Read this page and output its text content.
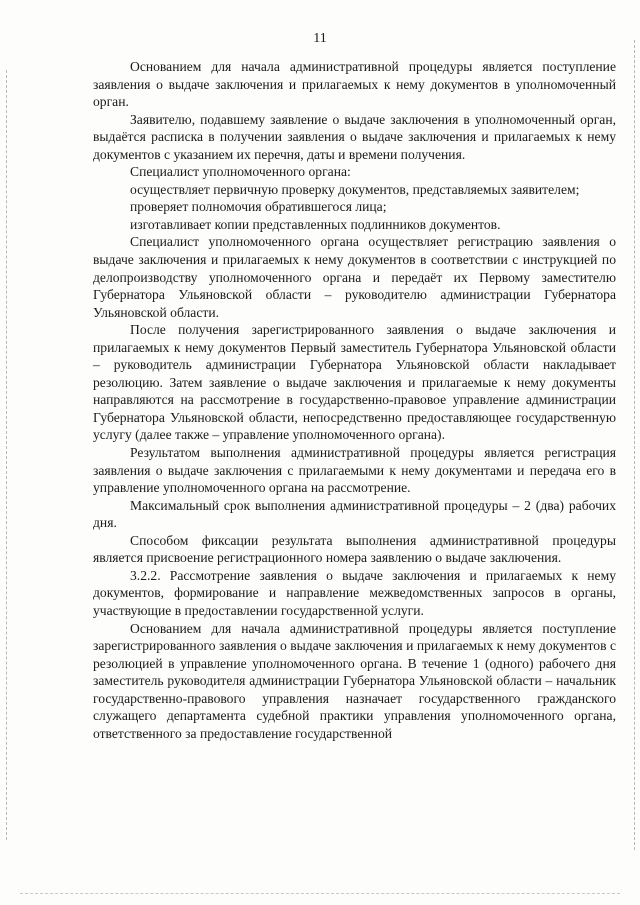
11

Основанием для начала административной процедуры является поступление заявления о выдаче заключения и прилагаемых к нему документов в уполномоченный орган.

Заявителю, подавшему заявление о выдаче заключения в уполномоченный орган, выдаётся расписка в получении заявления о выдаче заключения и прилагаемых к нему документов с указанием их перечня, даты и времени получения.

Специалист уполномоченного органа:

осуществляет первичную проверку документов, представляемых заявителем;

проверяет полномочия обратившегося лица;

изготавливает копии представленных подлинников документов.

Специалист уполномоченного органа осуществляет регистрацию заявления о выдаче заключения и прилагаемых к нему документов в соответствии с инструкцией по делопроизводству уполномоченного органа и передаёт их Первому заместителю Губернатора Ульяновской области – руководителю администрации Губернатора Ульяновской области.

После получения зарегистрированного заявления о выдаче заключения и прилагаемых к нему документов Первый заместитель Губернатора Ульяновской области – руководитель администрации Губернатора Ульяновской области накладывает резолюцию. Затем заявление о выдаче заключения и прилагаемые к нему документы направляются на рассмотрение в государственно-правовое управление администрации Губернатора Ульяновской области, непосредственно предоставляющее государственную услугу (далее также – управление уполномоченного органа).

Результатом выполнения административной процедуры является регистрация заявления о выдаче заключения с прилагаемыми к нему документами и передача его в управление уполномоченного органа на рассмотрение.

Максимальный срок выполнения административной процедуры – 2 (два) рабочих дня.

Способом фиксации результата выполнения административной процедуры является присвоение регистрационного номера заявлению о выдаче заключения.

3.2.2. Рассмотрение заявления о выдаче заключения и прилагаемых к нему документов, формирование и направление межведомственных запросов в органы, участвующие в предоставлении государственной услуги.

Основанием для начала административной процедуры является поступление зарегистрированного заявления о выдаче заключения и прилагаемых к нему документов с резолюцией в управление уполномоченного органа. В течение 1 (одного) рабочего дня заместитель руководителя администрации Губернатора Ульяновской области – начальник государственно-правового управления назначает государственного гражданского служащего департамента судебной практики управления уполномоченного органа, ответственного за предоставление государственной
